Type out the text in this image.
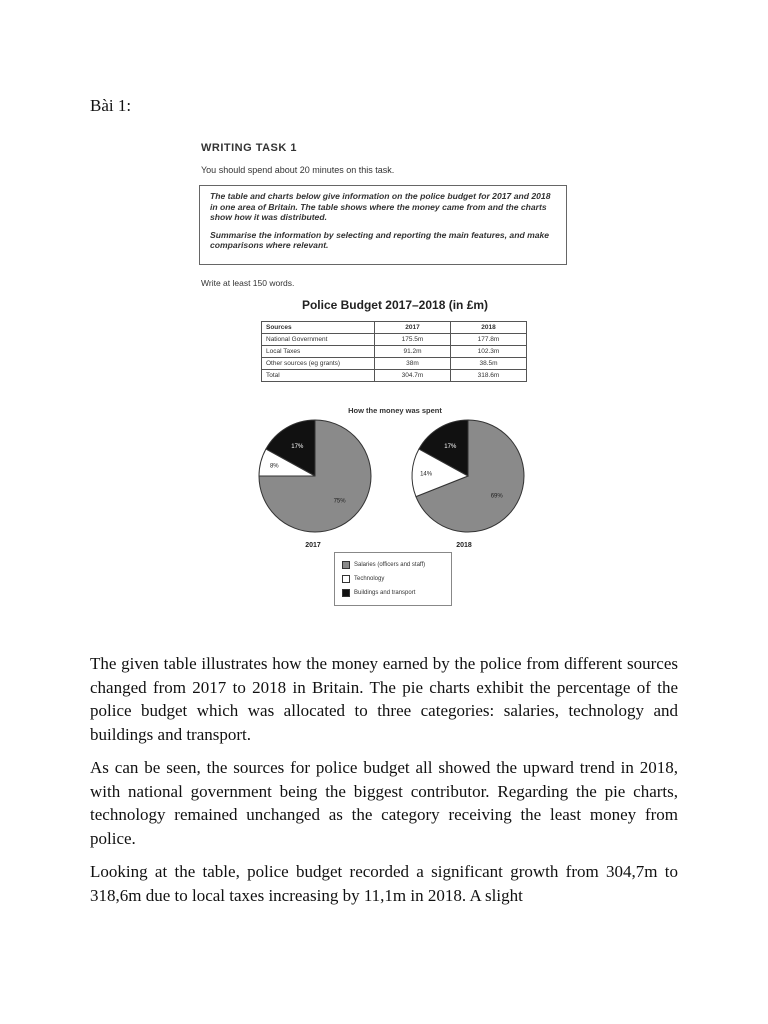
Bài 1:
WRITING TASK 1
You should spend about 20 minutes on this task.

The table and charts below give information on the police budget for 2017 and 2018 in one area of Britain. The table shows where the money came from and the charts show how it was distributed.

Summarise the information by selecting and reporting the main features, and make comparisons where relevant.

Write at least 150 words.
Police Budget 2017–2018 (in £m)
Sources	2017	2018
National Government	175.5m	177.8m
Local Taxes	91.2m	102.3m
Other sources (eg grants)	38m	38.5m
Total	304.7m	318.6m
How the money was spent
17%
75%
8%
2017
17%
69%
14%
2018
Salaries (officers and staff)
Technology
Buildings and transport

The given table illustrates how the money earned by the police from different sources changed from 2017 to 2018 in Britain. The pie charts exhibit the percentage of the police budget which was allocated to three categories: salaries, technology and buildings and transport.

As can be seen, the sources for police budget all showed the upward trend in 2018, with national government being the biggest contributor. Regarding the pie charts, technology remained unchanged as the category receiving the least money from police.

Looking at the table, police budget recorded a significant growth from 304,7m to 318,6m due to local taxes increasing by 11,1m in 2018. A slight
